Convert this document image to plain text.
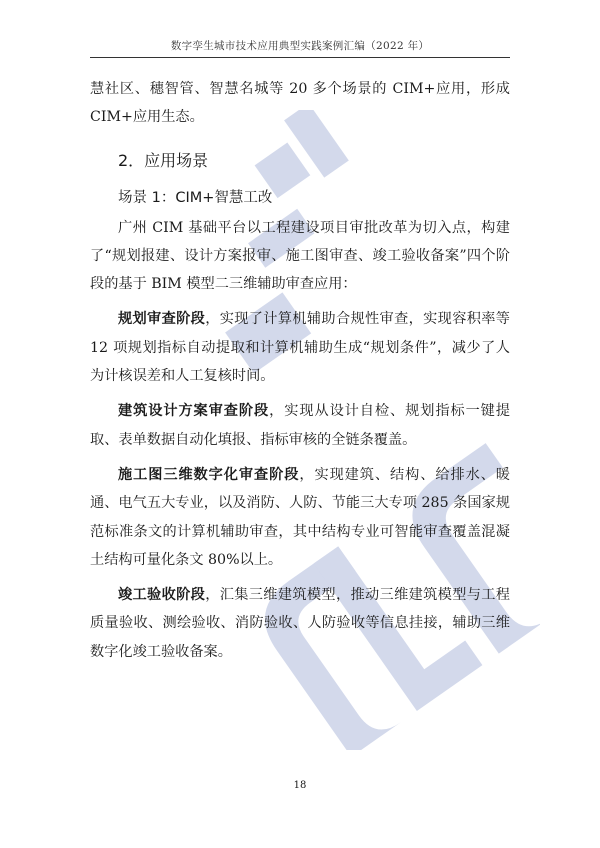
数字孪生城市技术应用典型实践案例汇编（2022 年）

慧社区、穗智管、智慧名城等 20 多个场景的 CIM+应用，形成 CIM+应用生态。

2．应用场景
场景 1：CIM+智慧工改

广州 CIM 基础平台以工程建设项目审批改革为切入点，构建了“规划报建、设计方案报审、施工图审查、竣工验收备案”四个阶段的基于 BIM 模型二三维辅助审查应用：

规划审查阶段，实现了计算机辅助合规性审查，实现容积率等 12 项规划指标自动提取和计算机辅助生成“规划条件”，减少了人为计核误差和人工复核时间。

建筑设计方案审查阶段，实现从设计自检、规划指标一键提取、表单数据自动化填报、指标审核的全链条覆盖。

施工图三维数字化审查阶段，实现建筑、结构、给排水、暖通、电气五大专业，以及消防、人防、节能三大专项 285 条国家规范标准条文的计算机辅助审查，其中结构专业可智能审查覆盖混凝土结构可量化条文 80%以上。

竣工验收阶段，汇集三维建筑模型，推动三维建筑模型与工程质量验收、测绘验收、消防验收、人防验收等信息挂接，辅助三维数字化竣工验收备案。

18
